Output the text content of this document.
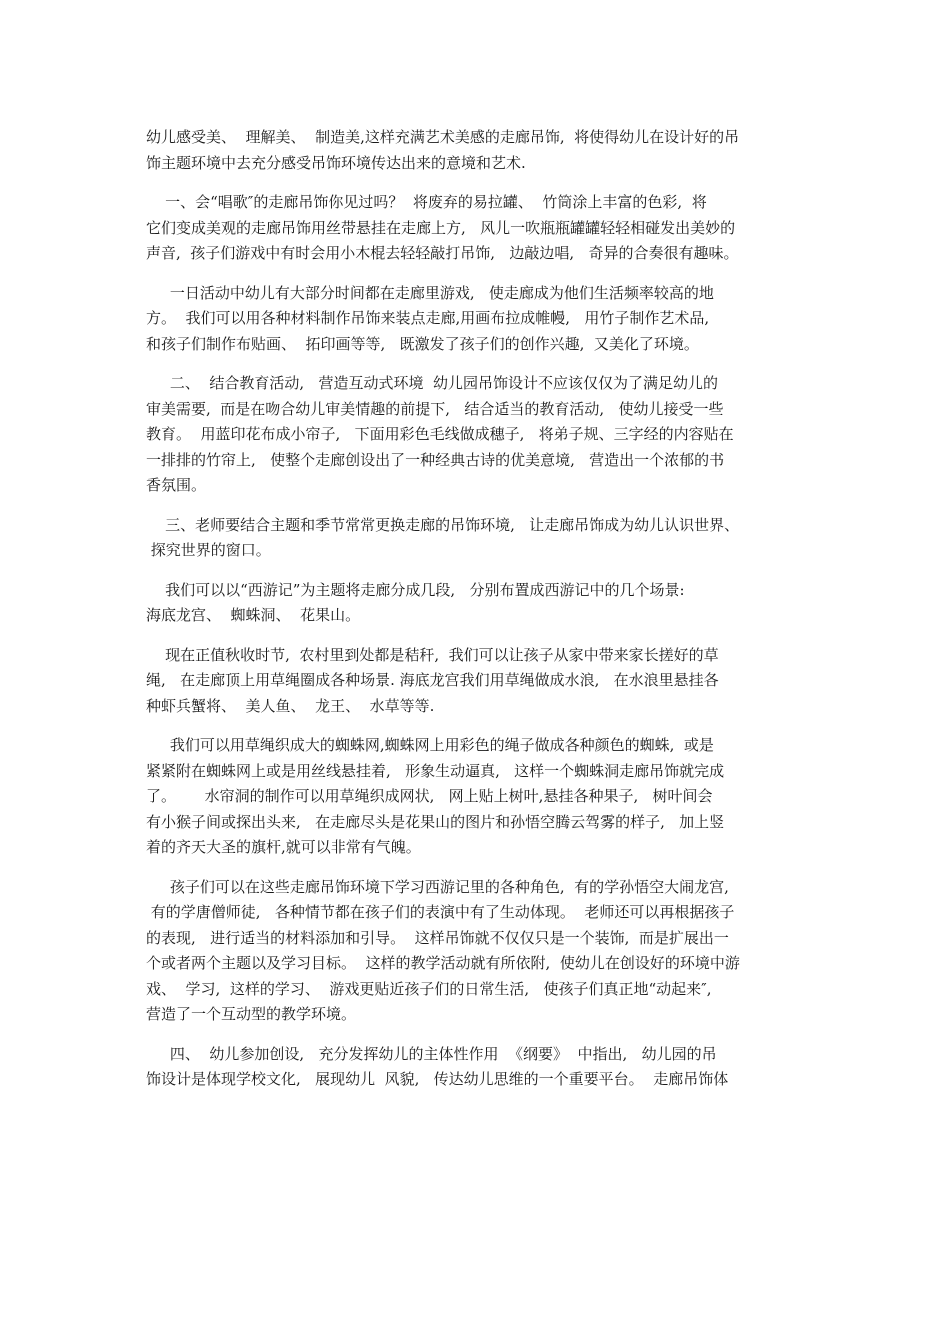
幼儿感受美、  理解美、  制造美,这样充满艺术美感的走廊吊饰,  将使得幼儿在设计好的吊
饰主题环境中去充分感受吊饰环境传达出来的意境和艺术.
一、会“唱歌″的走廊吊饰你见过吗？  将废弃的易拉罐、  竹筒涂上丰富的色彩,  将
它们变成美观的走廊吊饰用丝带悬挂在走廊上方,   风儿一吹瓶瓶罐罐轻轻相碰发出美妙的
声音,  孩子们游戏中有时会用小木棍去轻轻敲打吊饰,   边敲边唱,   奇异的合奏很有趣味。
一日活动中幼儿有大部分时间都在走廊里游戏,   使走廊成为他们生活频率较高的地
方。  我们可以用各种材料制作吊饰来装点走廊,用画布拉成帷幔,   用竹子制作艺术品,
和孩子们制作布贴画、  拓印画等等,   既激发了孩子们的创作兴趣,  又美化了环境。
二、  结合教育活动,   营造互动式环境  幼儿园吊饰设计不应该仅仅为了满足幼儿的
审美需要,  而是在吻合幼儿审美情趣的前提下,   结合适当的教育活动,   使幼儿接受一些
教育。  用蓝印花布成小帘子,   下面用彩色毛线做成穗子,   将弟子规、三字经的内容贴在
一排排的竹帘上,   使整个走廊创设出了一种经典古诗的优美意境,   营造出一个浓郁的书
香氛围。
三、老师要结合主题和季节常常更换走廊的吊饰环境,   让走廊吊饰成为幼儿认识世界、
探究世界的窗口。
我们可以以“西游记”为主题将走廊分成几段,   分别布置成西游记中的几个场景:
海底龙宫、  蜘蛛洞、  花果山。
现在正值秋收时节,  农村里到处都是秸秆,  我们可以让孩子从家中带来家长搓好的草
绳,   在走廊顶上用草绳圈成各种场景. 海底龙宫我们用草绳做成水浪,   在水浪里悬挂各
种虾兵蟹将、  美人鱼、  龙王、  水草等等.
我们可以用草绳织成大的蜘蛛网,蜘蛛网上用彩色的绳子做成各种颜色的蜘蛛,  或是
紧紧附在蜘蛛网上或是用丝线悬挂着,   形象生动逼真,   这样一个蜘蛛洞走廊吊饰就完成
了。      水帘洞的制作可以用草绳织成网状,   网上贴上树叶,悬挂各种果子,   树叶间会
有小猴子间或探出头来,   在走廊尽头是花果山的图片和孙悟空腾云驾雾的样子,   加上竖
着的齐天大圣的旗杆,就可以非常有气魄。
孩子们可以在这些走廊吊饰环境下学习西游记里的各种角色,  有的学孙悟空大闹龙宫,
有的学唐僧师徒,   各种情节都在孩子们的表演中有了生动体现。  老师还可以再根据孩子
的表现,   进行适当的材料添加和引导。  这样吊饰就不仅仅只是一个装饰,  而是扩展出一
个或者两个主题以及学习目标。  这样的教学活动就有所依附,  使幼儿在创设好的环境中游
戏、  学习,  这样的学习、  游戏更贴近孩子们的日常生活,   使孩子们真正地“动起来″,
营造了一个互动型的教学环境。
四、  幼儿参加创设,   充分发挥幼儿的主体性作用  《纲要》  中指出,   幼儿园的吊
饰设计是体现学校文化,   展现幼儿  风貌,   传达幼儿思维的一个重要平台。  走廊吊饰体
